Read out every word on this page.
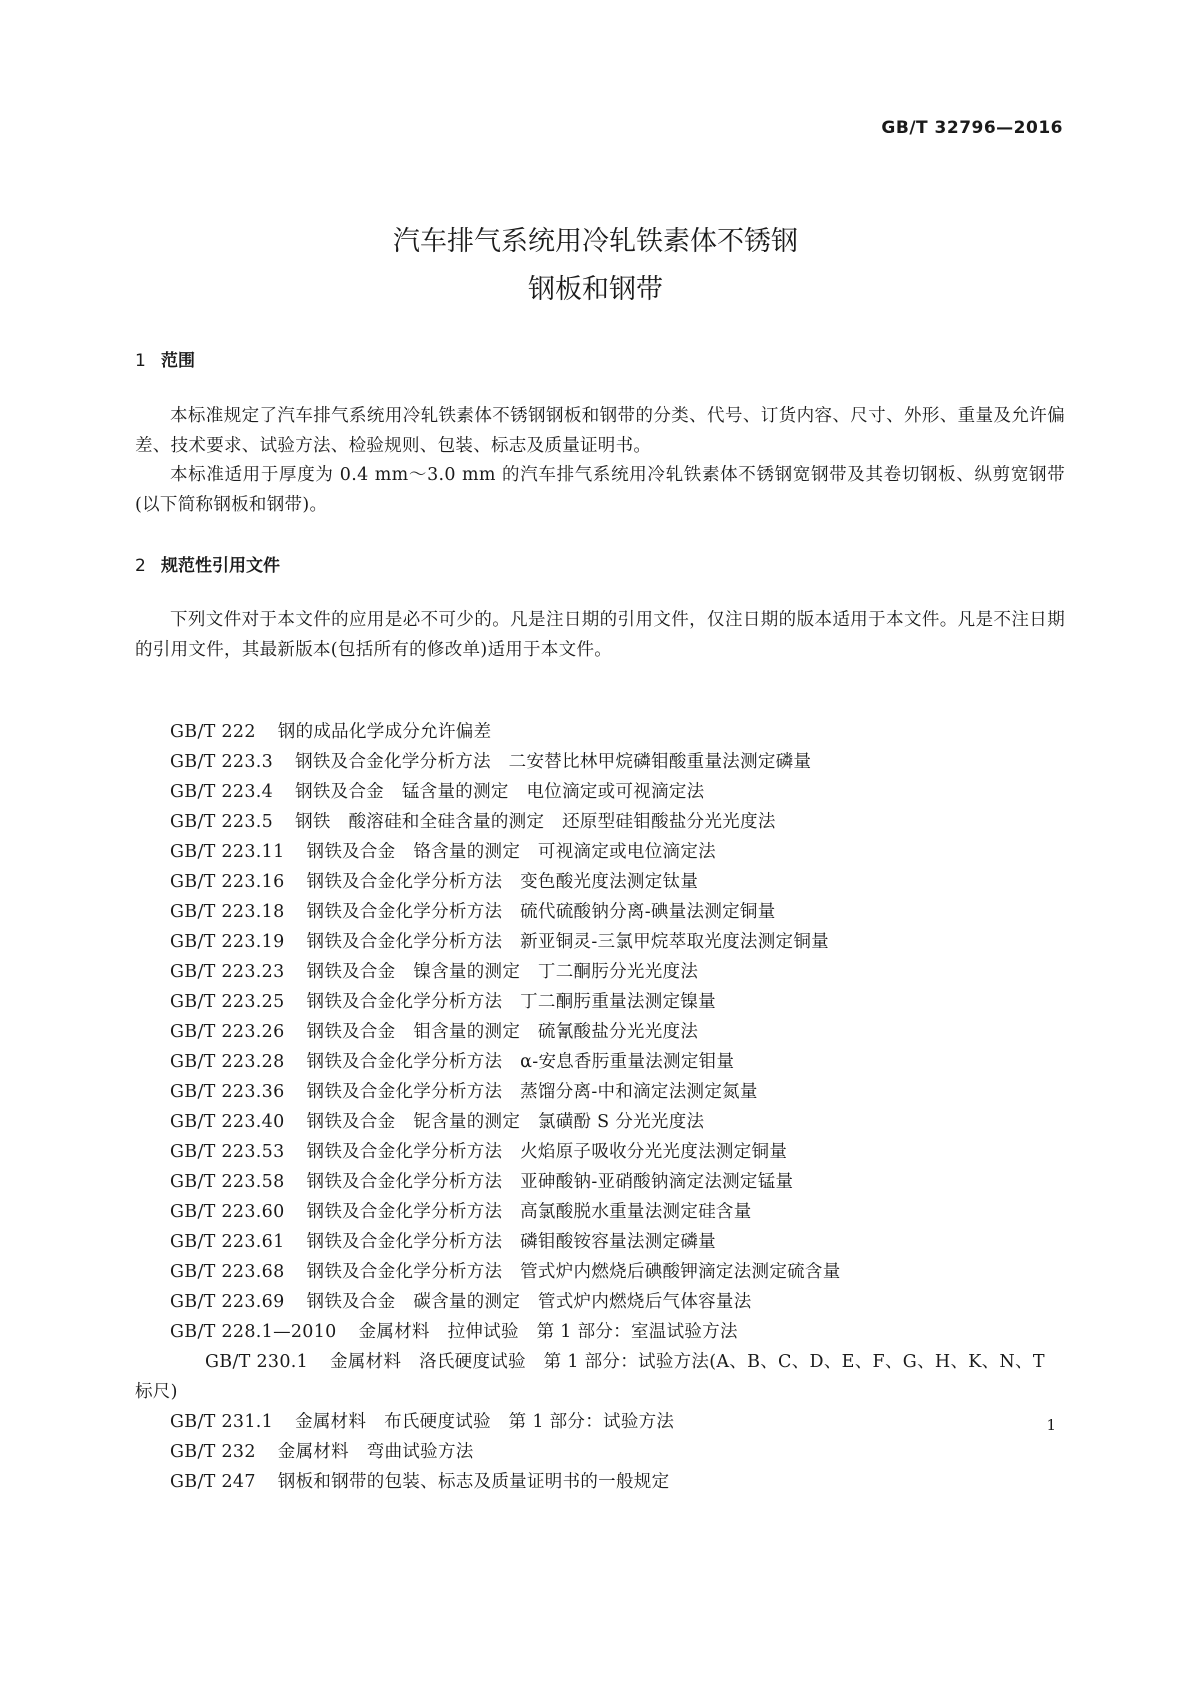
GB/T 32796—2016
汽车排气系统用冷轧铁素体不锈钢
钢板和钢带
1 范围
本标准规定了汽车排气系统用冷轧铁素体不锈钢钢板和钢带的分类、代号、订货内容、尺寸、外形、重量及允许偏差、技术要求、试验方法、检验规则、包装、标志及质量证明书。
本标准适用于厚度为 0.4 mm～3.0 mm 的汽车排气系统用冷轧铁素体不锈钢宽钢带及其卷切钢板、纵剪宽钢带(以下简称钢板和钢带)。
2 规范性引用文件
下列文件对于本文件的应用是必不可少的。凡是注日期的引用文件，仅注日期的版本适用于本文件。凡是不注日期的引用文件，其最新版本(包括所有的修改单)适用于本文件。
GB/T 222 钢的成品化学成分允许偏差
GB/T 223.3 钢铁及合金化学分析方法　二安替比林甲烷磷钼酸重量法测定磷量
GB/T 223.4 钢铁及合金　锰含量的测定　电位滴定或可视滴定法
GB/T 223.5 钢铁　酸溶硅和全硅含量的测定　还原型硅钼酸盐分光光度法
GB/T 223.11 钢铁及合金　铬含量的测定　可视滴定或电位滴定法
GB/T 223.16 钢铁及合金化学分析方法　变色酸光度法测定钛量
GB/T 223.18 钢铁及合金化学分析方法　硫代硫酸钠分离-碘量法测定铜量
GB/T 223.19 钢铁及合金化学分析方法　新亚铜灵-三氯甲烷萃取光度法测定铜量
GB/T 223.23 钢铁及合金　镍含量的测定　丁二酮肟分光光度法
GB/T 223.25 钢铁及合金化学分析方法　丁二酮肟重量法测定镍量
GB/T 223.26 钢铁及合金　钼含量的测定　硫氰酸盐分光光度法
GB/T 223.28 钢铁及合金化学分析方法　α-安息香肟重量法测定钼量
GB/T 223.36 钢铁及合金化学分析方法　蒸馏分离-中和滴定法测定氮量
GB/T 223.40 钢铁及合金　铌含量的测定　氯磺酚 S 分光光度法
GB/T 223.53 钢铁及合金化学分析方法　火焰原子吸收分光光度法测定铜量
GB/T 223.58 钢铁及合金化学分析方法　亚砷酸钠-亚硝酸钠滴定法测定锰量
GB/T 223.60 钢铁及合金化学分析方法　高氯酸脱水重量法测定硅含量
GB/T 223.61 钢铁及合金化学分析方法　磷钼酸铵容量法测定磷量
GB/T 223.68 钢铁及合金化学分析方法　管式炉内燃烧后碘酸钾滴定法测定硫含量
GB/T 223.69 钢铁及合金　碳含量的测定　管式炉内燃烧后气体容量法
GB/T 228.1—2010 金属材料　拉伸试验　第 1 部分：室温试验方法
GB/T 230.1 金属材料　洛氏硬度试验　第 1 部分：试验方法(A、B、C、D、E、F、G、H、K、N、T 标尺)
GB/T 231.1 金属材料　布氏硬度试验　第 1 部分：试验方法
GB/T 232 金属材料　弯曲试验方法
GB/T 247 钢板和钢带的包装、标志及质量证明书的一般规定
1
